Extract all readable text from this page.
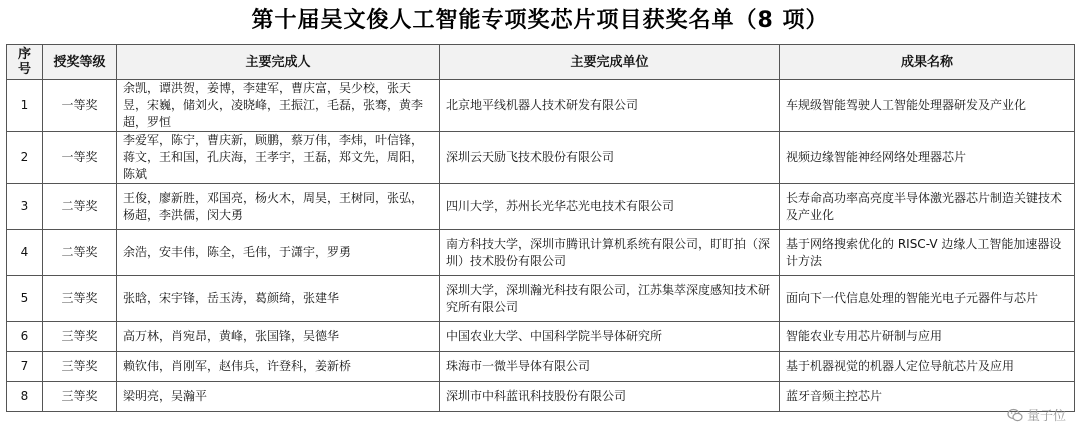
第十届吴文俊人工智能专项奖芯片项目获奖名单（8 项）
序号	授奖等级	主要完成人	主要完成单位	成果名称
1	一等奖	余凯，谭洪贺，姜博，李建军，曹庆富，吴少校，张天昱，宋巍，储刘火，凌晓峰，王振江，毛磊，张骞，黄李超，罗恒	北京地平线机器人技术研发有限公司	车规级智能驾驶人工智能处理器研发及产业化
2	一等奖	李爱军，陈宁，曹庆新，顾鹏，蔡万伟，李炜，叶信锋，蒋文，王和国，孔庆海，王孝宇，王磊，郑文先，周阳，陈斌	深圳云天励飞技术股份有限公司	视频边缘智能神经网络处理器芯片
3	二等奖	王俊，廖新胜，邓国亮，杨火木，周昊，王树同，张弘，杨超，李洪儒，闵大勇	四川大学，苏州长光华芯光电技术有限公司	长寿命高功率高亮度半导体激光器芯片制造关键技术及产业化
4	二等奖	余浩，安丰伟，陈全，毛伟，于潇宇，罗勇	南方科技大学，深圳市腾讯计算机系统有限公司，盯盯拍（深圳）技术股份有限公司	基于网络搜索优化的 RISC-V 边缘人工智能加速器设计方法
5	三等奖	张晗，宋宇锋，岳玉涛，葛颜绮，张建华	深圳大学，深圳瀚光科技有限公司，江苏集萃深度感知技术研究所有限公司	面向下一代信息处理的智能光电子元器件与芯片
6	三等奖	高万林，肖宛昂，黄峰，张国锋，吴德华	中国农业大学、中国科学院半导体研究所	智能农业专用芯片研制与应用
7	三等奖	赖钦伟，肖刚军，赵伟兵，许登科，姜新桥	珠海市一微半导体有限公司	基于机器视觉的机器人定位导航芯片及应用
8	三等奖	梁明亮，吴瀚平	深圳市中科蓝讯科技股份有限公司	蓝牙音频主控芯片
量子位
